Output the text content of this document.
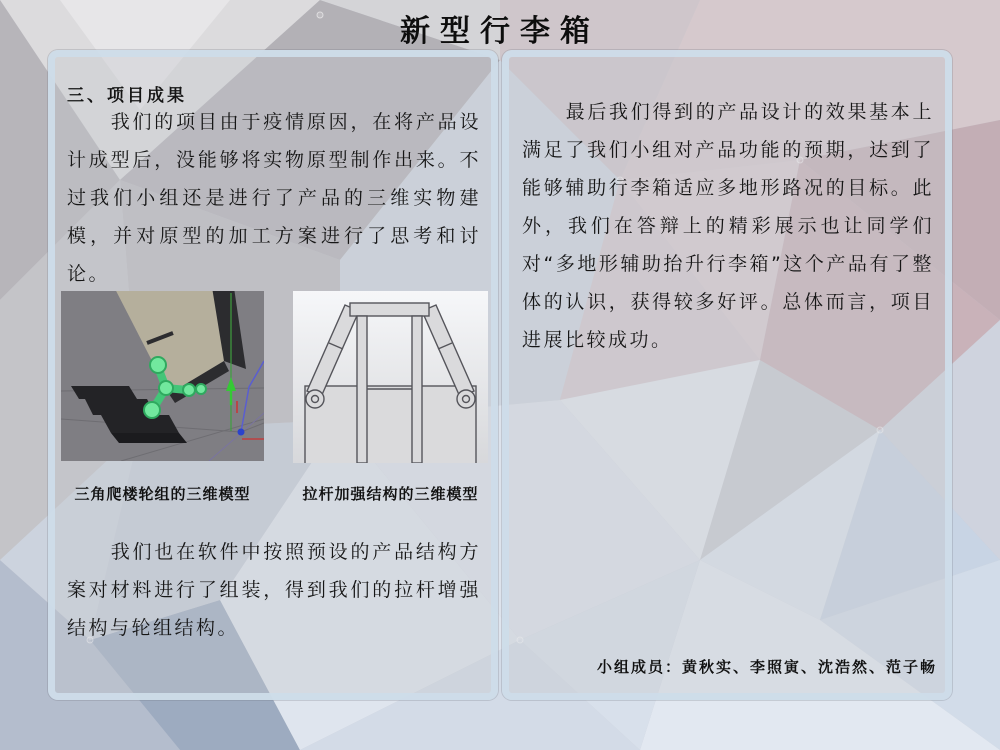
新型行李箱
三、项目成果
我们的项目由于疫情原因，在将产品设计成型后，没能够将实物原型制作出来。不过我们小组还是进行了产品的三维实物建模，并对原型的加工方案进行了思考和讨论。
三角爬楼轮组的三维模型	拉杆加强结构的三维模型
我们也在软件中按照预设的产品结构方案对材料进行了组装，得到我们的拉杆增强结构与轮组结构。
最后我们得到的产品设计的效果基本上满足了我们小组对产品功能的预期，达到了能够辅助行李箱适应多地形路况的目标。此外，我们在答辩上的精彩展示也让同学们对“多地形辅助抬升行李箱”这个产品有了整体的认识，获得较多好评。总体而言，项目进展比较成功。
小组成员：黄秋实、李照寅、沈浩然、范子畅
